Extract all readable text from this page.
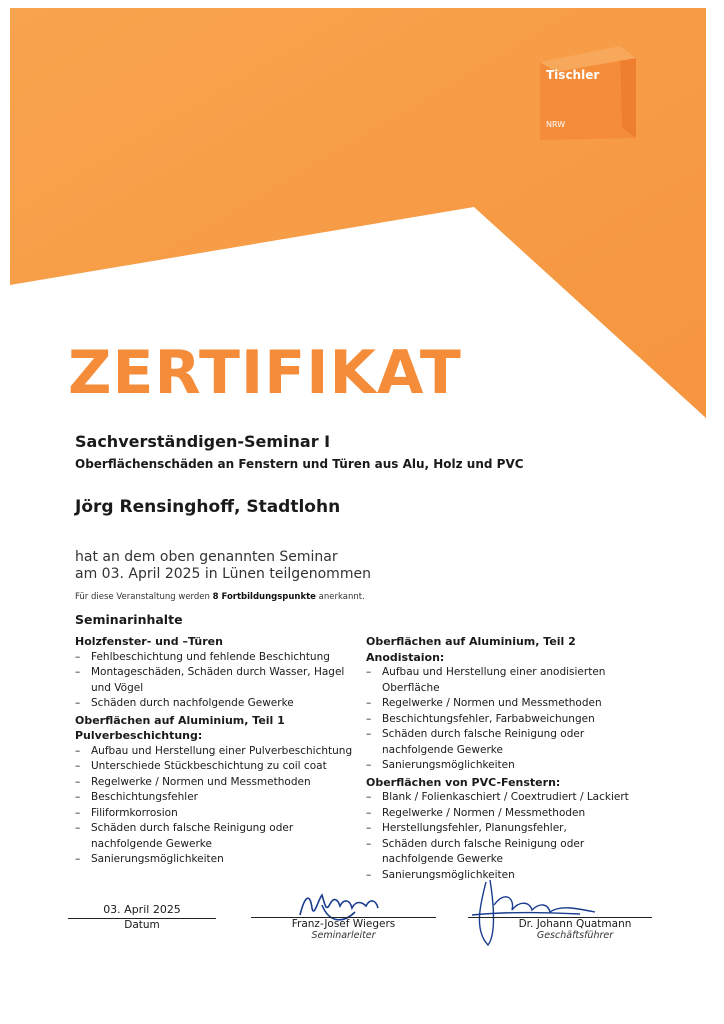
Tischler
NRW
ZERTIFIKAT
Sachverständigen-Seminar I
Oberflächenschäden an Fenstern und Türen aus Alu, Holz und PVC
Jörg Rensinghoff, Stadtlohn
hat an dem oben genannten Seminar
am 03. April 2025 in Lünen teilgenommen
Für diese Veranstaltung werden 8 Fortbildungspunkte anerkannt.
Seminarinhalte
Holzfenster- und –Türen
– Fehlbeschichtung und fehlende Beschichtung
– Montageschäden, Schäden durch Wasser, Hagel und Vögel
– Schäden durch nachfolgende Gewerke
Oberflächen auf Aluminium, Teil 1 Pulverbeschichtung:
– Aufbau und Herstellung einer Pulverbeschichtung
– Unterschiede Stückbeschichtung zu coil coat
– Regelwerke / Normen und Messmethoden
– Beschichtungsfehler
– Filiformkorrosion
– Schäden durch falsche Reinigung oder nachfolgende Gewerke
– Sanierungsmöglichkeiten
Oberflächen auf Aluminium, Teil 2 Anodistaion:
– Aufbau und Herstellung einer anodisierten Oberfläche
– Regelwerke / Normen und Messmethoden
– Beschichtungsfehler, Farbabweichungen
– Schäden durch falsche Reinigung oder nachfolgende Gewerke
– Sanierungsmöglichkeiten
Oberflächen von PVC-Fenstern:
– Blank / Folienkaschiert / Coextrudiert / Lackiert
– Regelwerke / Normen / Messmethoden
– Herstellungsfehler, Planungsfehler,
– Schäden durch falsche Reinigung oder nachfolgende Gewerke
– Sanierungsmöglichkeiten
03. April 2025
Datum	Franz-Josef Wiegers
Seminarleiter
Dr. Johann Quatmann
Geschäftsführer
